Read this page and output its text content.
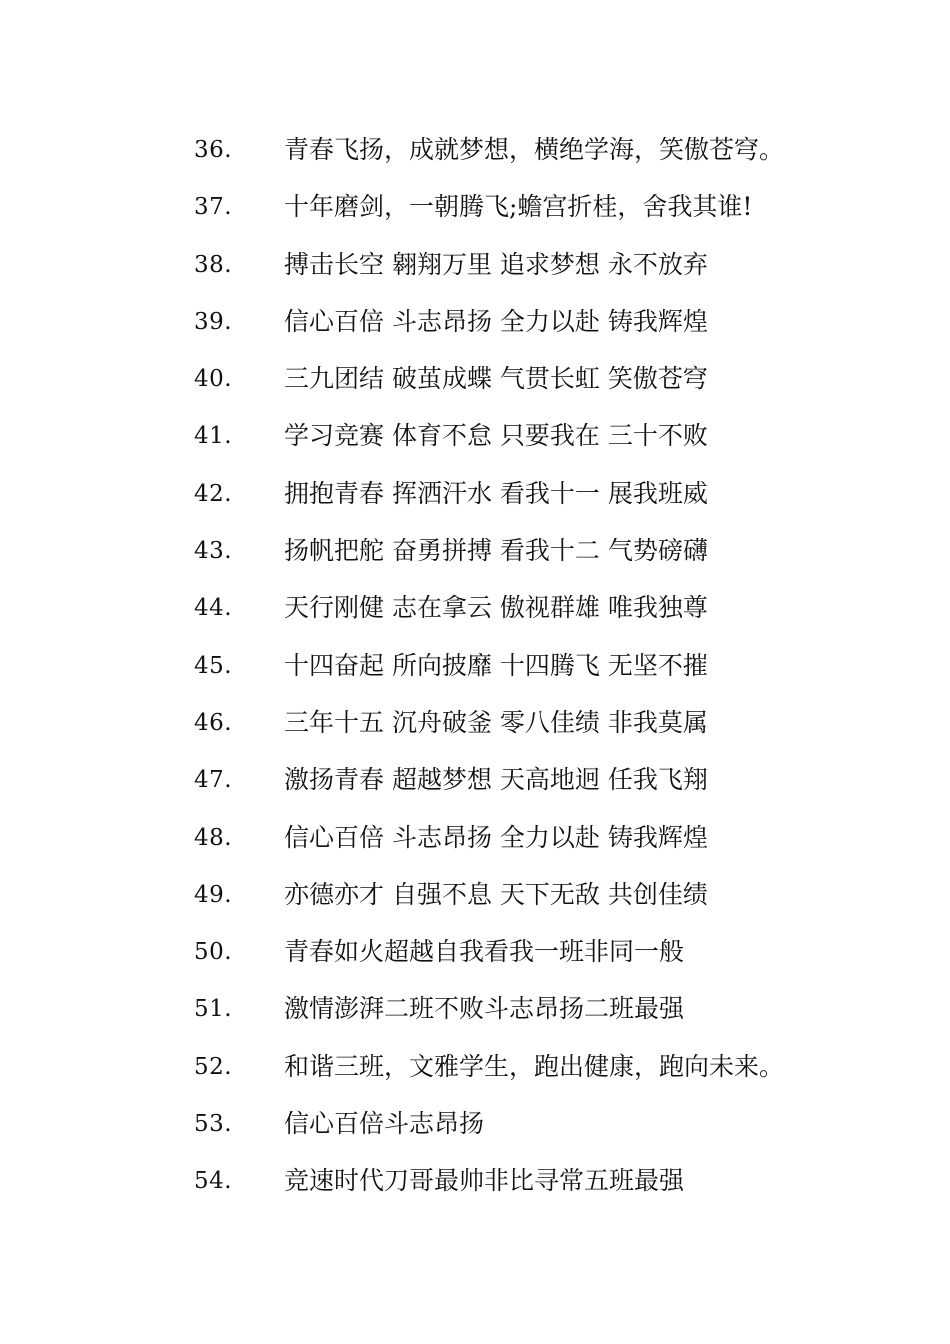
36. 青春飞扬，成就梦想，横绝学海，笑傲苍穹。
37. 十年磨剑，一朝腾飞;蟾宫折桂，舍我其谁!
38. 搏击长空 翱翔万里 追求梦想 永不放弃
39. 信心百倍 斗志昂扬 全力以赴 铸我辉煌
40. 三九团结 破茧成蝶 气贯长虹 笑傲苍穹
41. 学习竞赛 体育不怠 只要我在 三十不败
42. 拥抱青春 挥洒汗水 看我十一 展我班威
43. 扬帆把舵 奋勇拼搏 看我十二 气势磅礴
44. 天行刚健 志在拿云 傲视群雄 唯我独尊
45. 十四奋起 所向披靡 十四腾飞 无坚不摧
46. 三年十五 沉舟破釜 零八佳绩 非我莫属
47. 激扬青春 超越梦想 天高地迥 任我飞翔
48. 信心百倍 斗志昂扬 全力以赴 铸我辉煌
49. 亦德亦才 自强不息 天下无敌 共创佳绩
50. 青春如火超越自我看我一班非同一般
51. 激情澎湃二班不败斗志昂扬二班最强
52. 和谐三班，文雅学生，跑出健康，跑向未来。
53. 信心百倍斗志昂扬
54. 竞速时代刀哥最帅非比寻常五班最强
